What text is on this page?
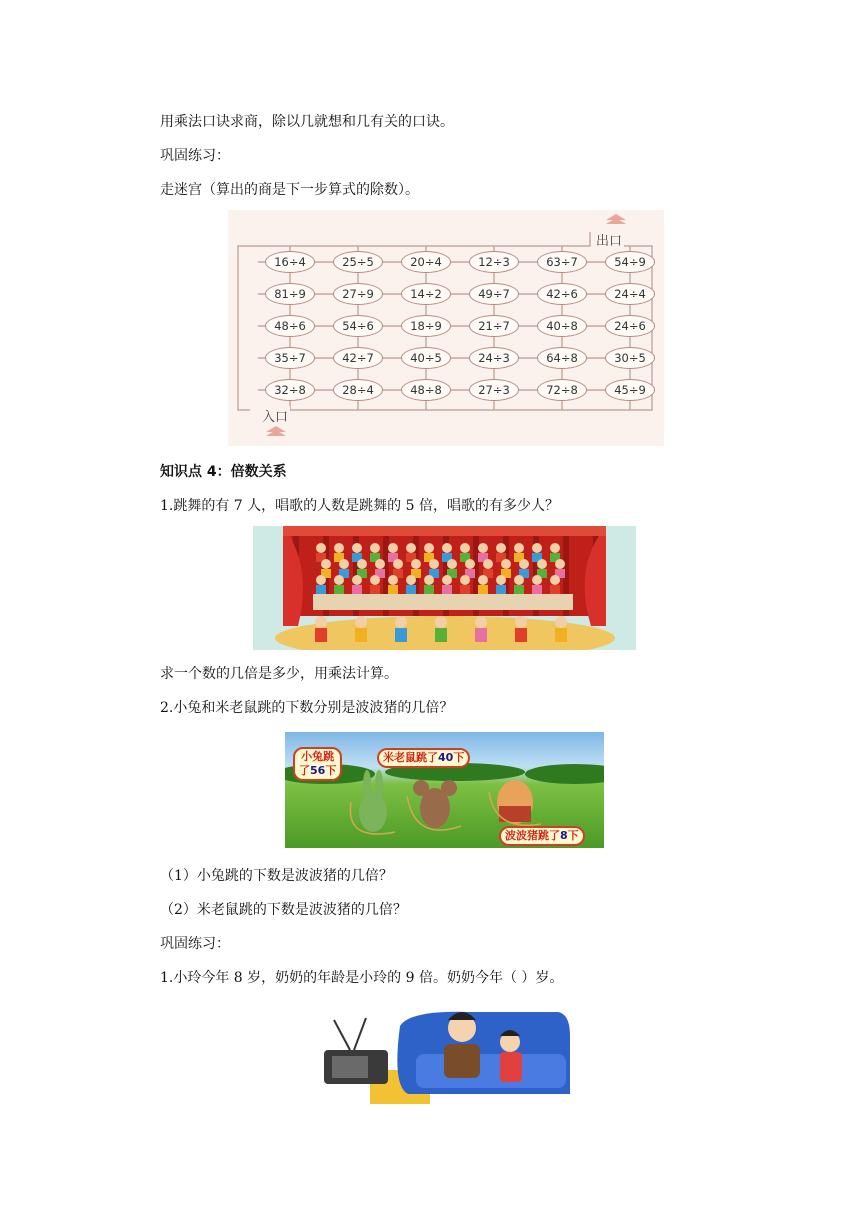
用乘法口诀求商，除以几就想和几有关的口诀。
巩固练习：
走迷宫（算出的商是下一步算式的除数）。
出口
入口
16÷4	25÷5	20÷4	12÷3	63÷7	54÷9
81÷9	27÷9	14÷2	49÷7	42÷6	24÷4
48÷6	54÷6	18÷9	21÷7	40÷8	24÷6
35÷7	42÷7	40÷5	24÷3	64÷8	30÷5
32÷8	28÷4	48÷8	27÷3	72÷8	45÷9
知识点 4：倍数关系
1.跳舞的有 7 人，唱歌的人数是跳舞的 5 倍，唱歌的有多少人？
求一个数的几倍是多少，用乘法计算。
2.小兔和米老鼠跳的下数分别是波波猪的几倍？
小兔跳
了56下
米老鼠跳了40下
波波猪跳了8下
（1）小兔跳的下数是波波猪的几倍？
（2）米老鼠跳的下数是波波猪的几倍？
巩固练习：
1.小玲今年 8 岁，奶奶的年龄是小玲的 9 倍。奶奶今年（ ）岁。
